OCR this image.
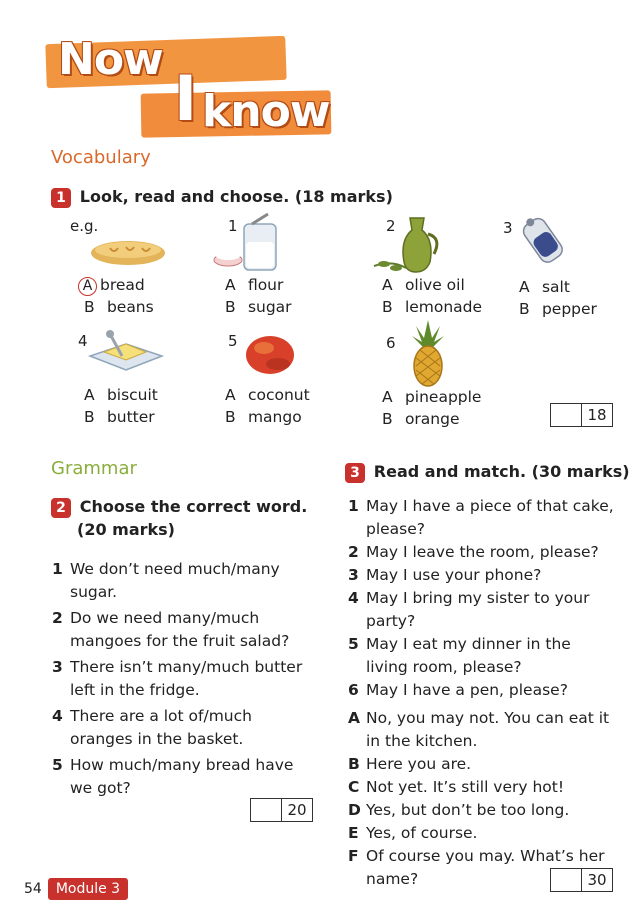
Now
I know
Vocabulary
1 Look, read and choose. (18 marks)
e.g.
A bread
B beans
1
A flour
B sugar
2
A olive oil
B lemonade
3
A salt
B pepper
4
A biscuit
B butter
5
A coconut
B mango
6
A pineapple
B orange	18
Grammar
2 Choose the correct word.
(20 marks)
1 We don’t need much/many
sugar.
2 Do we need many/much
mangoes for the fruit salad?
3 There isn’t many/much butter
left in the fridge.
4 There are a lot of/much
oranges in the basket.
5 How much/many bread have
we got?
20
3 Read and match. (30 marks)
1 May I have a piece of that cake,
please?
2 May I leave the room, please?
3 May I use your phone?
4 May I bring my sister to your
party?
5 May I eat my dinner in the
living room, please?
6 May I have a pen, please?
A No, you may not. You can eat it
in the kitchen.
B Here you are.
C Not yet. It’s still very hot!
D Yes, but don’t be too long.
E Yes, of course.
F Of course you may. What’s her
name?	30
54	Module 3
